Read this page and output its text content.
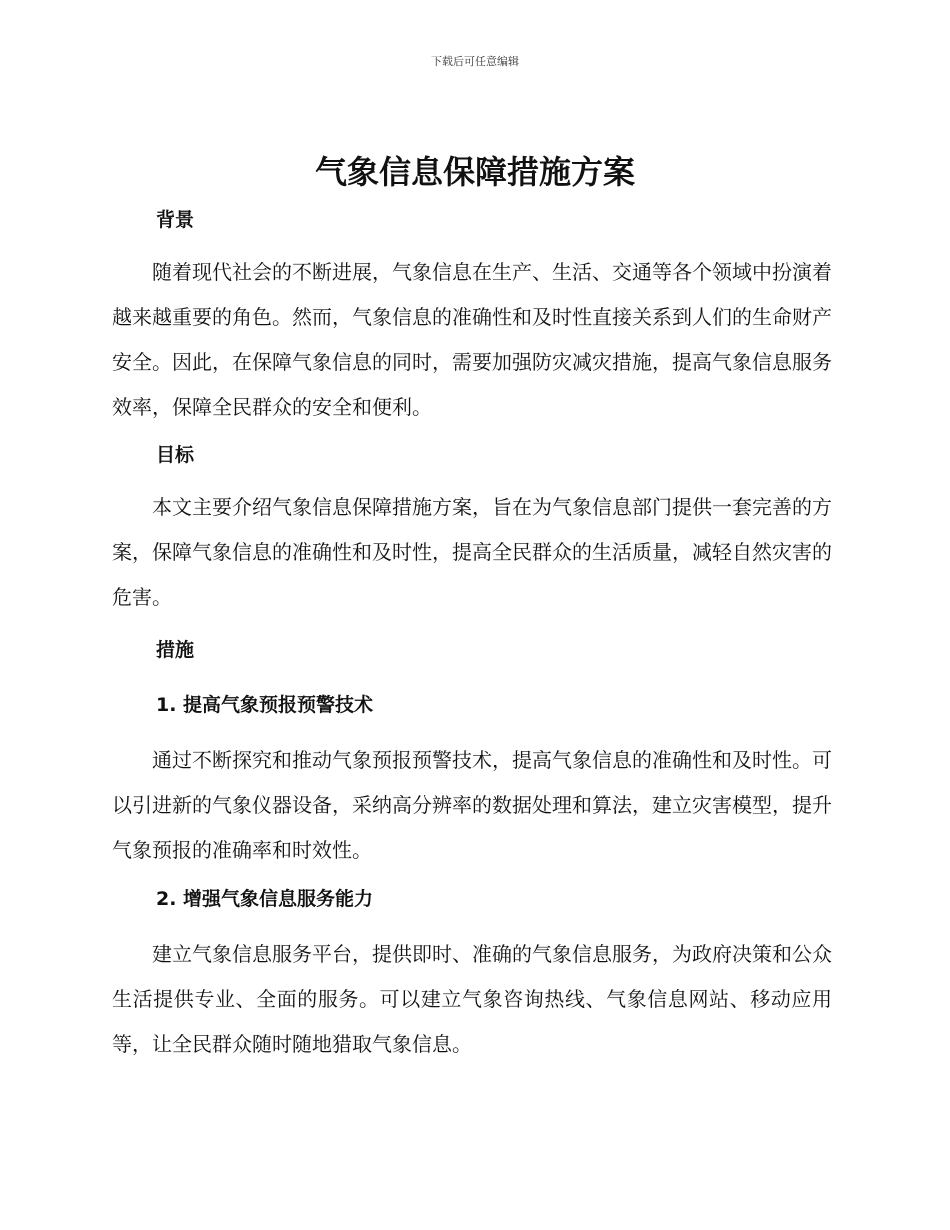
下载后可任意编辑
气象信息保障措施方案
背景

随着现代社会的不断进展，气象信息在生产、生活、交通等各个领域中扮演着越来越重要的角色。然而，气象信息的准确性和及时性直接关系到人们的生命财产安全。因此，在保障气象信息的同时，需要加强防灾减灾措施，提高气象信息服务效率，保障全民群众的安全和便利。

目标

本文主要介绍气象信息保障措施方案，旨在为气象信息部门提供一套完善的方案，保障气象信息的准确性和及时性，提高全民群众的生活质量，减轻自然灾害的危害。

措施
1. 提高气象预报预警技术

通过不断探究和推动气象预报预警技术，提高气象信息的准确性和及时性。可以引进新的气象仪器设备，采纳高分辨率的数据处理和算法，建立灾害模型，提升气象预报的准确率和时效性。

2. 增强气象信息服务能力

建立气象信息服务平台，提供即时、准确的气象信息服务，为政府决策和公众生活提供专业、全面的服务。可以建立气象咨询热线、气象信息网站、移动应用等，让全民群众随时随地猎取气象信息。
